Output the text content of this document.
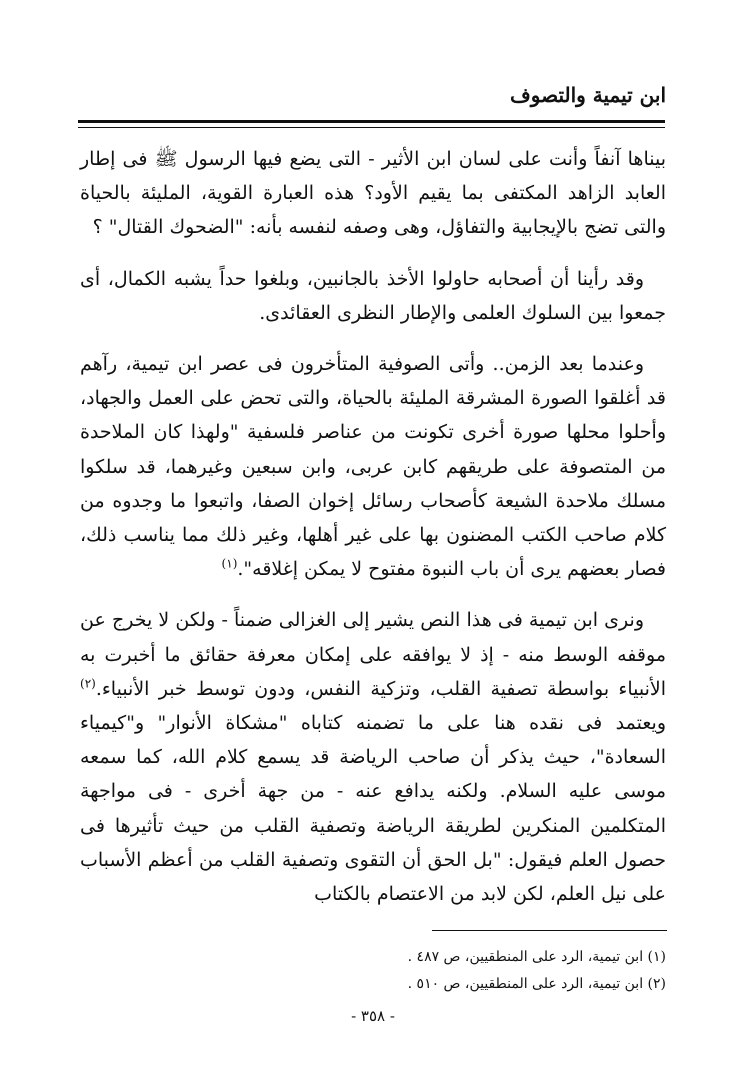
ابن تيمية والتصوف

بيناها آنفاً وأنت على لسان ابن الأثير - التى يضع فيها الرسول ﷺ فى إطار العابد الزاهد المكتفى بما يقيم الأود؟ هذه العبارة القوية، المليئة بالحياة والتى تضج بالإيجابية والتفاؤل، وهى وصفه لنفسه بأنه: "الضحوك القتال" ؟

وقد رأينا أن أصحابه حاولوا الأخذ بالجانبين، وبلغوا حداً يشبه الكمال، أى جمعوا بين السلوك العلمى والإطار النظرى العقائدى.

وعندما بعد الزمن.. وأتى الصوفية المتأخرون فى عصر ابن تيمية، رآهم قد أغلقوا الصورة المشرقة المليئة بالحياة، والتى تحض على العمل والجهاد، وأحلوا محلها صورة أخرى تكونت من عناصر فلسفية "ولهذا كان الملاحدة من المتصوفة على طريقهم كابن عربى، وابن سبعين وغيرهما، قد سلكوا مسلك ملاحدة الشيعة كأصحاب رسائل إخوان الصفا، واتبعوا ما وجدوه من كلام صاحب الكتب المضنون بها على غير أهلها، وغير ذلك مما يناسب ذلك، فصار بعضهم يرى أن باب النبوة مفتوح لا يمكن إغلاقه".$^{(١)}$

ونرى ابن تيمية فى هذا النص يشير إلى الغزالى ضمناً - ولكن لا يخرج عن موقفه الوسط منه - إذ لا يوافقه على إمكان معرفة حقائق ما أخبرت به الأنبياء بواسطة تصفية القلب، وتزكية النفس، ودون توسط خبر الأنبياء.$^{(٢)}$ ويعتمد فى نقده هنا على ما تضمنه كتاباه "مشكاة الأنوار" و"كيمياء السعادة"، حيث يذكر أن صاحب الرياضة قد يسمع كلام الله، كما سمعه موسى عليه السلام. ولكنه يدافع عنه - من جهة أخرى - فى مواجهة المتكلمين المنكرين لطريقة الرياضة وتصفية القلب من حيث تأثيرها فى حصول العلم فيقول: "بل الحق أن التقوى وتصفية القلب من أعظم الأسباب على نيل العلم، لكن لابد من الاعتصام بالكتاب

(١) ابن تيمية، الرد على المنطقيين، ص ٤٨٧ .
(٢) ابن تيمية، الرد على المنطقيين، ص ٥١٠ .
- ٣٥٨ -
